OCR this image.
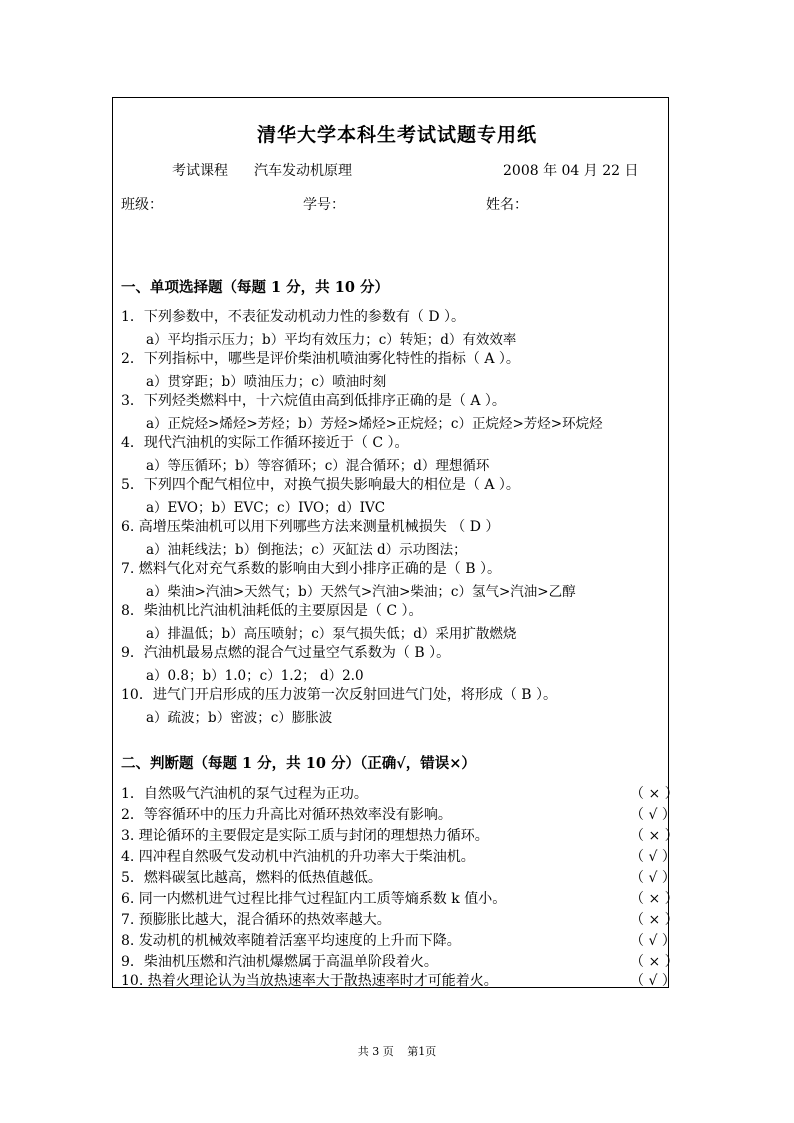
清华大学本科生考试试题专用纸
考试课程 汽车发动机原理	2008 年 04 月 22 日
班级：	学号：	姓名：
一、单项选择题（每题 1 分，共 10 分）
1．下列参数中，不表征发动机动力性的参数有（ D ）。
a）平均指示压力；b）平均有效压力；c）转矩；d）有效效率
2．下列指标中，哪些是评价柴油机喷油雾化特性的指标（ A ）。
a）贯穿距；b）喷油压力；c）喷油时刻
3．下列烃类燃料中，十六烷值由高到低排序正确的是（ A ）。
a）正烷烃>烯烃>芳烃；b）芳烃>烯烃>正烷烃；c）正烷烃>芳烃>环烷烃
4．现代汽油机的实际工作循环接近于（ C ）。
a）等压循环；b）等容循环；c）混合循环；d）理想循环
5．下列四个配气相位中，对换气损失影响最大的相位是（ A ）。
a）EVO；b）EVC；c）IVO；d）IVC
6. 高增压柴油机可以用下列哪些方法来测量机械损失 （ D ）
a）油耗线法；b）倒拖法；c）灭缸法 d）示功图法；
7. 燃料气化对充气系数的影响由大到小排序正确的是（ B ）。
a）柴油>汽油>天然气；b）天然气>汽油>柴油；c）氢气>汽油>乙醇
8．柴油机比汽油机油耗低的主要原因是（ C ）。
a）排温低；b）高压喷射；c）泵气损失低；d）采用扩散燃烧
9．汽油机最易点燃的混合气过量空气系数为（ B ）。
a）0.8；b）1.0；c）1.2； d）2.0
10．进气门开启形成的压力波第一次反射回进气门处，将形成（ B ）。
a）疏波；b）密波；c）膨胀波
二、判断题（每题 1 分，共 10 分）（正确√，错误×）
1．自然吸气汽油机的泵气过程为正功。	（ × ）
2．等容循环中的压力升高比对循环热效率没有影响。	（ √ ）
3. 理论循环的主要假定是实际工质与封闭的理想热力循环。	（ × ）
4. 四冲程自然吸气发动机中汽油机的升功率大于柴油机。	（ √ ）
5．燃料碳氢比越高，燃料的低热值越低。	（ √ ）
6. 同一内燃机进气过程比排气过程缸内工质等熵系数 k 值小。	（ × ）
7. 预膨胀比越大，混合循环的热效率越大。	（ × ）
8. 发动机的机械效率随着活塞平均速度的上升而下降。	（ √ ）
9．柴油机压燃和汽油机爆燃属于高温单阶段着火。	（ × ）
10. 热着火理论认为当放热速率大于散热速率时才可能着火。	（ √ ）
共 3 页 第1页
